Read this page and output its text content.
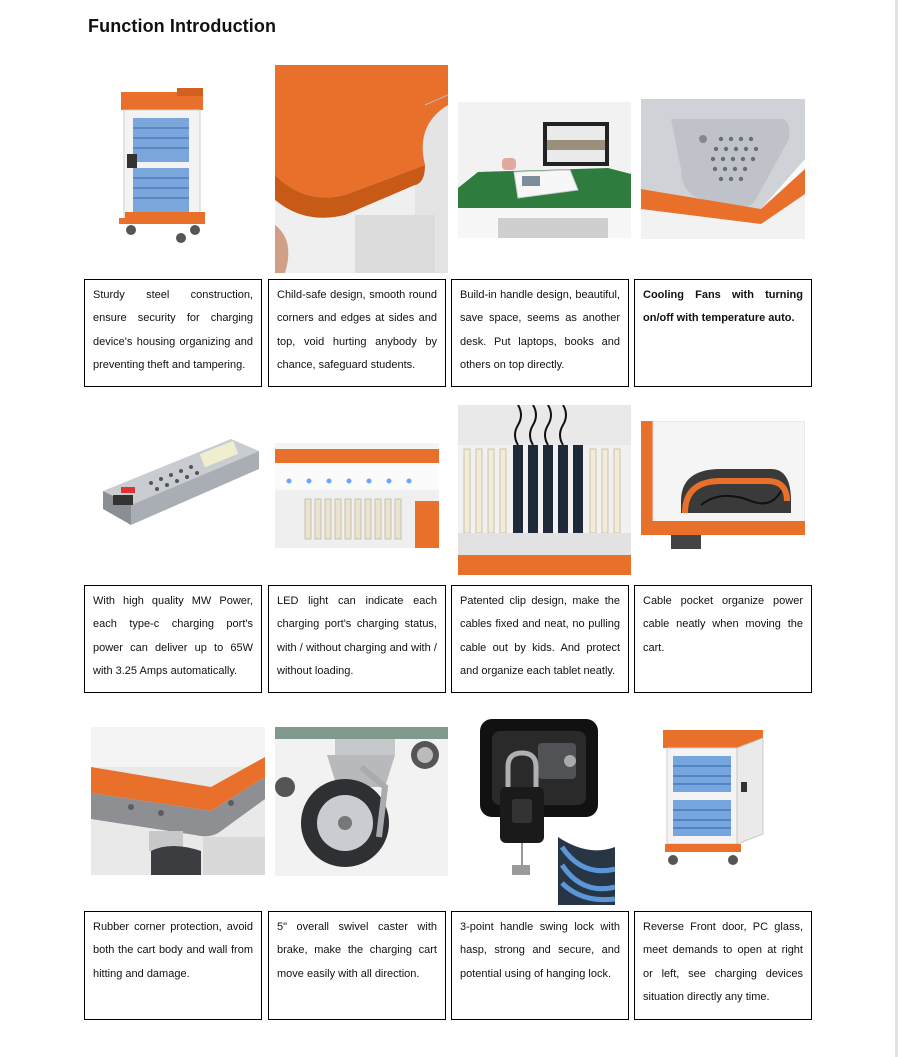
Function Introduction
Sturdy steel construction, ensure security for charging device's housing organizing and preventing theft and tampering.
Child-safe design, smooth round corners and edges at sides and top, void hurting anybody by chance, safeguard students.
Build-in handle design, beautiful, save space, seems as another desk. Put laptops, books and others on top directly.
Cooling Fans with turning on/off with temperature auto.
With high quality MW Power, each type-c charging port's power can deliver up to 65W with 3.25 Amps automatically.
LED light can indicate each charging port's charging status, with / without charging and with / without loading.
Patented clip design, make the cables fixed and neat, no pulling cable out by kids. And protect and organize each tablet neatly.
Cable pocket organize power cable neatly when moving the cart.
Rubber corner protection, avoid both the cart body and wall from hitting and damage.
5" overall swivel caster with brake, make the charging cart move easily with all direction.
3-point handle swing lock with hasp, strong and secure, and potential using of hanging lock.
Reverse Front door, PC glass, meet demands to open at right or left, see charging devices situation directly any time.
